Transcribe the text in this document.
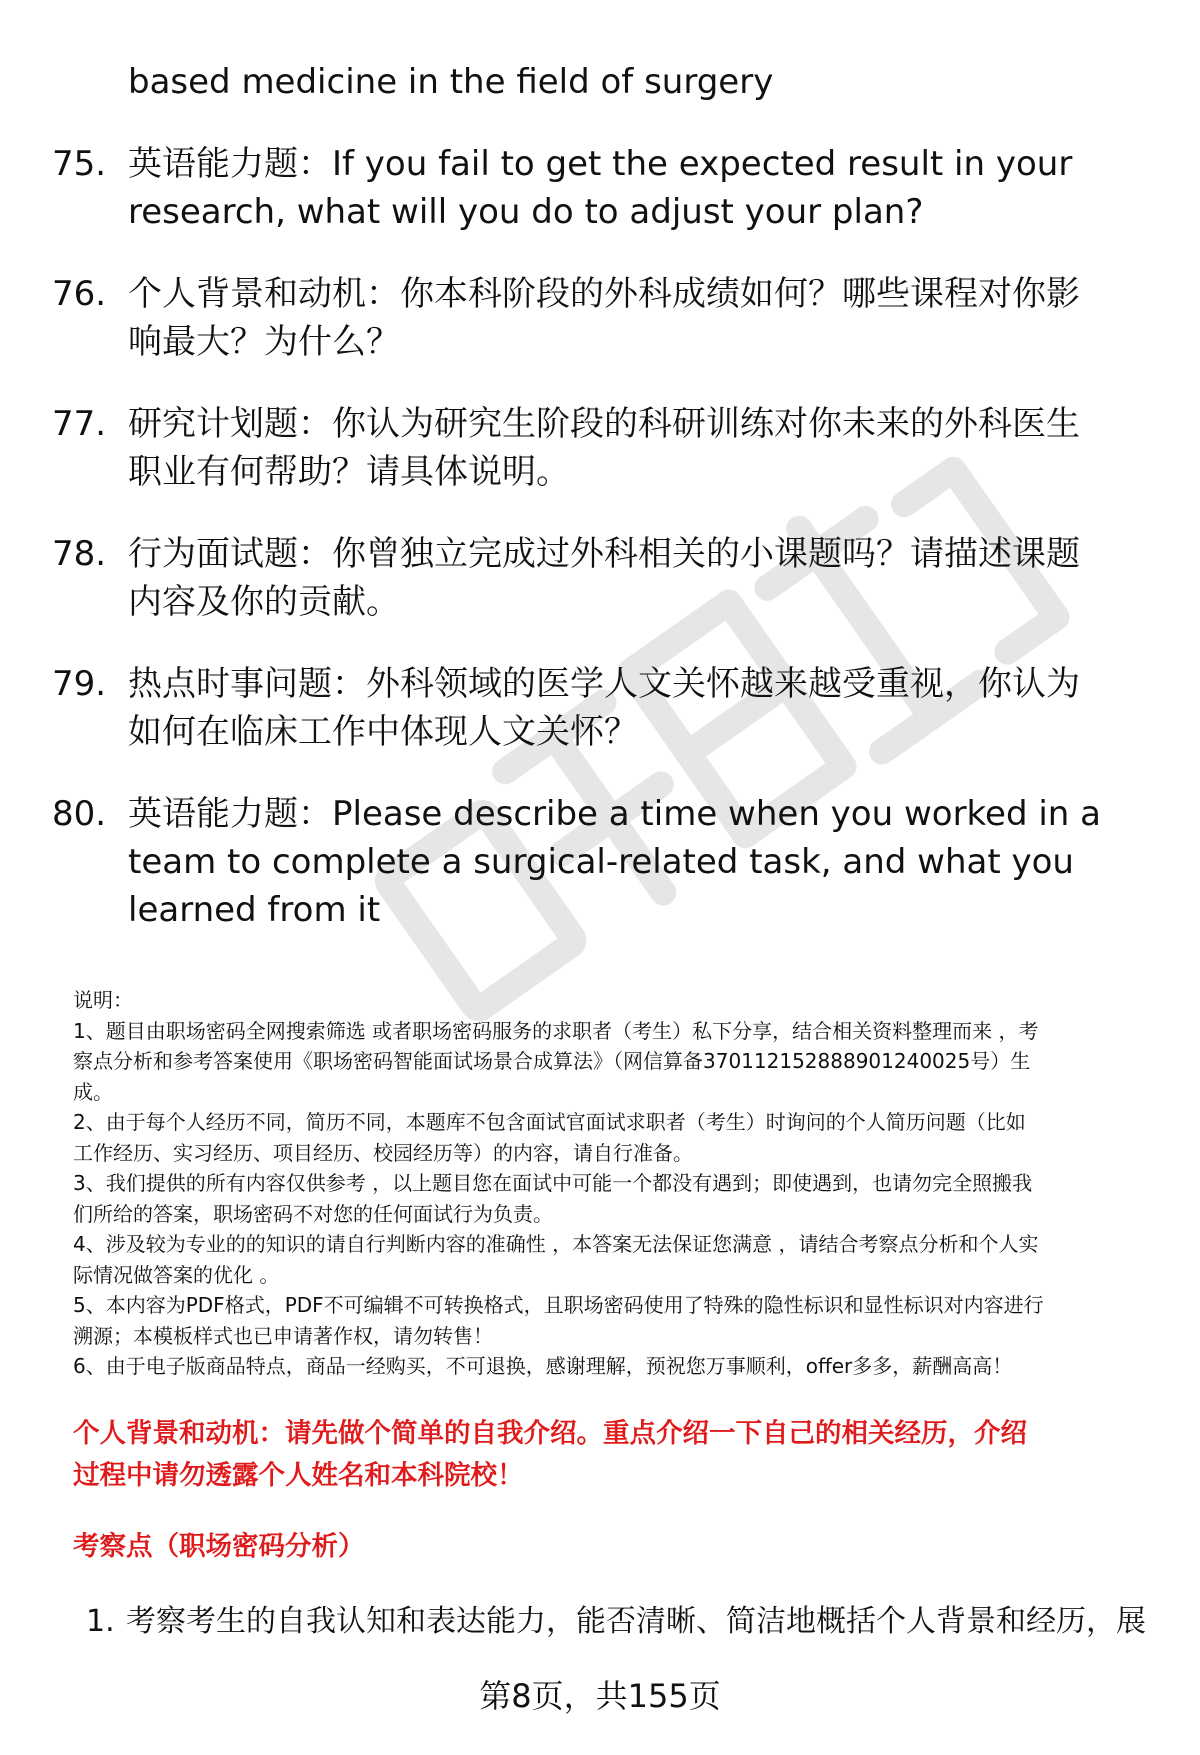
based medicine in the field of surgery
75. 英语能力题：If you fail to get the expected result in your
research, what will you do to adjust your plan?
76. 个人背景和动机：你本科阶段的外科成绩如何？哪些课程对你影
响最大？为什么？
77. 研究计划题：你认为研究生阶段的科研训练对你未来的外科医生
职业有何帮助？请具体说明。
78. 行为面试题：你曾独立完成过外科相关的小课题吗？请描述课题
内容及你的贡献。
79. 热点时事问题：外科领域的医学人文关怀越来越受重视，你认为
如何在临床工作中体现人文关怀？
80. 英语能力题：Please describe a time when you worked in a
team to complete a surgical-related task, and what you
learned from it
说明：
1、题目由职场密码全网搜索筛选 或者职场密码服务的求职者（考生）私下分享，结合相关资料整理而来 ，考
察点分析和参考答案使用《职场密码智能面试场景合成算法》（网信算备370112152888901240025号）生
成。
2、由于每个人经历不同，简历不同，本题库不包含面试官面试求职者（考生）时询问的个人简历问题（比如
工作经历、实习经历、项目经历、校园经历等）的内容，请自行准备。
3、我们提供的所有内容仅供参考 ，以上题目您在面试中可能一个都没有遇到；即使遇到，也请勿完全照搬我
们所给的答案，职场密码不对您的任何面试行为负责。
4、涉及较为专业的的知识的请自行判断内容的准确性 ，本答案无法保证您满意 ，请结合考察点分析和个人实
际情况做答案的优化 。
5、本内容为PDF格式，PDF不可编辑不可转换格式，且职场密码使用了特殊的隐性标识和显性标识对内容进行
溯源；本模板样式也已申请著作权，请勿转售！
6、由于电子版商品特点，商品一经购买，不可退换，感谢理解，预祝您万事顺利，offer多多，薪酬高高！
个人背景和动机：请先做个简单的自我介绍。重点介绍一下自己的相关经历，介绍
过程中请勿透露个人姓名和本科院校！
考察点（职场密码分析）
1. 考察考生的自我认知和表达能力，能否清晰、简洁地概括个人背景和经历，展
第8页，共155页
